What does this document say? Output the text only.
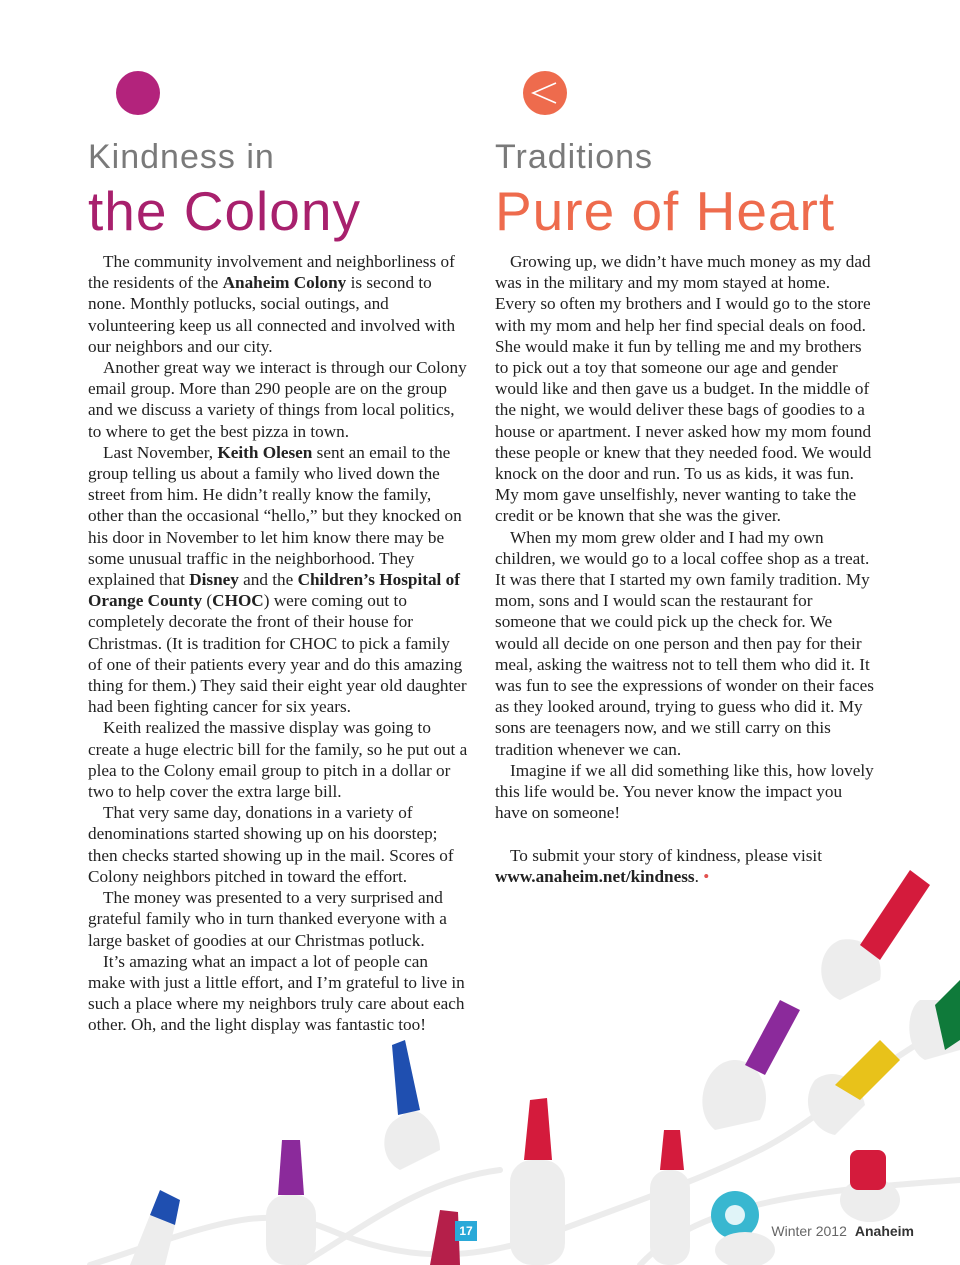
Kindness in
the Colony

The community involvement and neighborliness of the residents of the Anaheim Colony is second to none. Monthly potlucks, social outings, and volunteering keep us all connected and involved with our neighbors and our city.

Another great way we interact is through our Colony email group. More than 290 people are on the group and we discuss a variety of things from local politics, to where to get the best pizza in town.

Last November, Keith Olesen sent an email to the group telling us about a family who lived down the street from him. He didn’t really know the family, other than the occasional “hello,” but they knocked on his door in November to let him know there may be some unusual traffic in the neighborhood. They explained that Disney and the Children’s Hospital of Orange County (CHOC) were coming out to completely decorate the front of their house for Christmas. (It is tradition for CHOC to pick a family of one of their patients every year and do this amazing thing for them.) They said their eight year old daughter had been fighting cancer for six years.

Keith realized the massive display was going to create a huge electric bill for the family, so he put out a plea to the Colony email group to pitch in a dollar or two to help cover the extra large bill.

That very same day, donations in a variety of denominations started showing up on his doorstep; then checks started showing up in the mail. Scores of Colony neighbors pitched in toward the effort.

The money was presented to a very surprised and grateful family who in turn thanked everyone with a large basket of goodies at our Christmas potluck.

It’s amazing what an impact a lot of people can make with just a little effort, and I’m grateful to live in such a place where my neighbors truly care about each other. Oh, and the light display was fantastic too!

Traditions
Pure of Heart

Growing up, we didn’t have much money as my dad was in the military and my mom stayed at home. Every so often my brothers and I would go to the store with my mom and help her find special deals on food. She would make it fun by telling me and my brothers to pick out a toy that someone our age and gender would like and then gave us a budget. In the middle of the night, we would deliver these bags of goodies to a house or apartment. I never asked how my mom found these people or knew that they needed food. We would knock on the door and run. To us as kids, it was fun. My mom gave unselfishly, never wanting to take the credit or be known that she was the giver.

When my mom grew older and I had my own children, we would go to a local coffee shop as a treat. It was there that I started my own family tradition. My mom, sons and I would scan the restaurant for someone that we could pick up the check for. We would all decide on one person and then pay for their meal, asking the waitress not to tell them who did it. It was fun to see the expressions of wonder on their faces as they looked around, trying to guess who did it. My sons are teenagers now, and we still carry on this tradition whenever we can.

Imagine if we all did something like this, how lovely this life would be. You never know the impact you have on someone!

To submit your story of kindness, please visit www.anaheim.net/kindness. •

17	Winter 2012 Anaheim
